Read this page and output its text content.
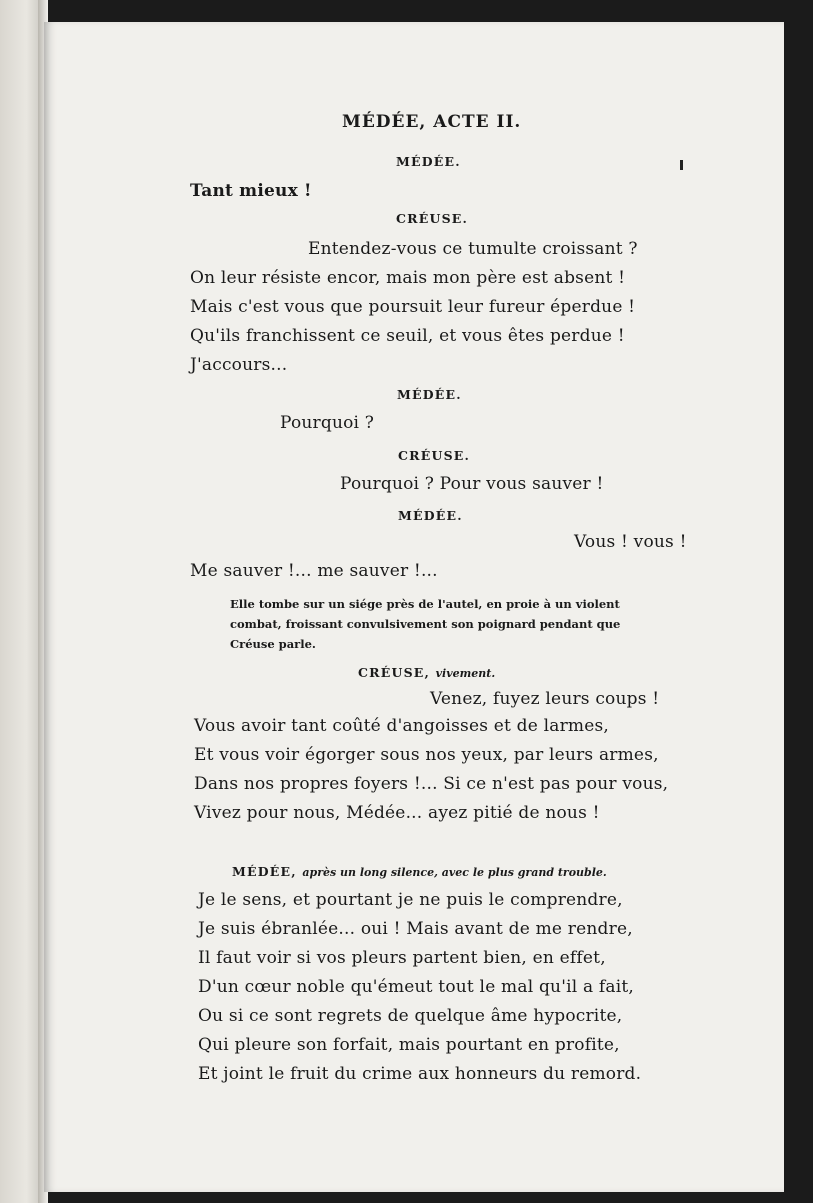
MÉDÉE, ACTE II.

MÉDÉE.

Tant mieux !

CRÉUSE.

Entendez-vous ce tumulte croissant ?

On leur résiste encor, mais mon père est absent !

Mais c'est vous que poursuit leur fureur éperdue !

Qu'ils franchissent ce seuil, et vous êtes perdue !

J'accours...

MÉDÉE.

Pourquoi ?

CRÉUSE.

Pourquoi ? Pour vous sauver !

MÉDÉE.

Vous ! vous !

Me sauver !... me sauver !...

Elle tombe sur un siége près de l'autel, en proie à un violent combat, froissant convulsivement son poignard pendant que Créuse parle.

CRÉUSE, vivement.

Venez, fuyez leurs coups !

Vous avoir tant coûté d'angoisses et de larmes,

Et vous voir égorger sous nos yeux, par leurs armes,

Dans nos propres foyers !... Si ce n'est pas pour vous,

Vivez pour nous, Médée... ayez pitié de nous !

MÉDÉE, après un long silence, avec le plus grand trouble.

Je le sens, et pourtant je ne puis le comprendre,

Je suis ébranlée... oui ! Mais avant de me rendre,

Il faut voir si vos pleurs partent bien, en effet,

D'un cœur noble qu'émeut tout le mal qu'il a fait,

Ou si ce sont regrets de quelque âme hypocrite,

Qui pleure son forfait, mais pourtant en profite,

Et joint le fruit du crime aux honneurs du remord.
